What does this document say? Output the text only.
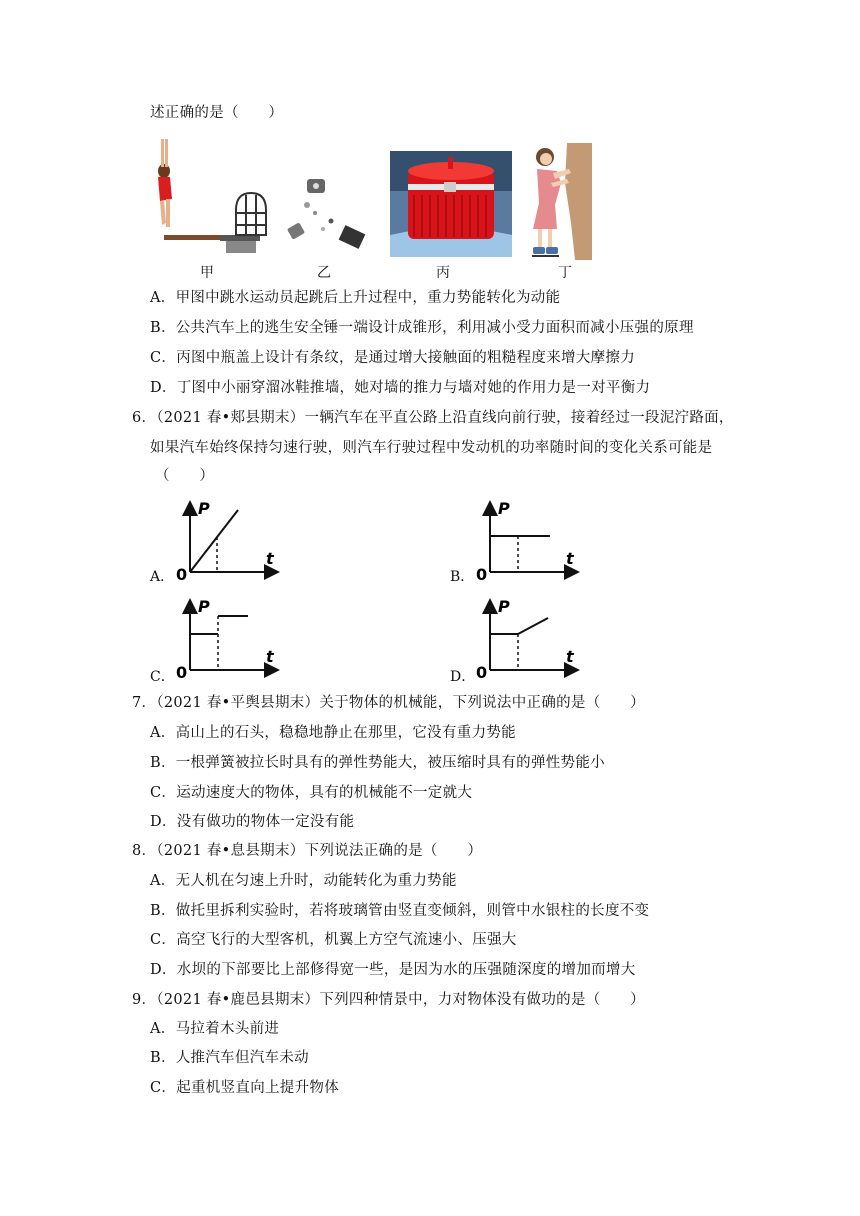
述正确的是（　　）
甲	乙	丙	丁
A．甲图中跳水运动员起跳后上升过程中，重力势能转化为动能
B．公共汽车上的逃生安全锤一端设计成锥形，利用减小受力面积而减小压强的原理
C．丙图中瓶盖上设计有条纹，是通过增大接触面的粗糙程度来增大摩擦力
D．丁图中小丽穿溜冰鞋推墙，她对墙的推力与墙对她的作用力是一对平衡力
6．（2021 春•郏县期末）一辆汽车在平直公路上沿直线向前行驶，接着经过一段泥泞路面，
如果汽车始终保持匀速行驶，则汽车行驶过程中发动机的功率随时间的变化关系可能是
（　　）
A．
P
t
0	B．
P
t
0
C．
P
t
0	D．
P
t
0
7．（2021 春•平舆县期末）关于物体的机械能，下列说法中正确的是（　　）
A．高山上的石头，稳稳地静止在那里，它没有重力势能
B．一根弹簧被拉长时具有的弹性势能大，被压缩时具有的弹性势能小
C．运动速度大的物体，具有的机械能不一定就大
D．没有做功的物体一定没有能
8．（2021 春•息县期末）下列说法正确的是（　　）
A．无人机在匀速上升时，动能转化为重力势能
B．做托里拆利实验时，若将玻璃管由竖直变倾斜，则管中水银柱的长度不变
C．高空飞行的大型客机，机翼上方空气流速小、压强大
D．水坝的下部要比上部修得宽一些，是因为水的压强随深度的增加而增大
9．（2021 春•鹿邑县期末）下列四种情景中，力对物体没有做功的是（　　）
A．马拉着木头前进
B．人推汽车但汽车未动
C．起重机竖直向上提升物体
